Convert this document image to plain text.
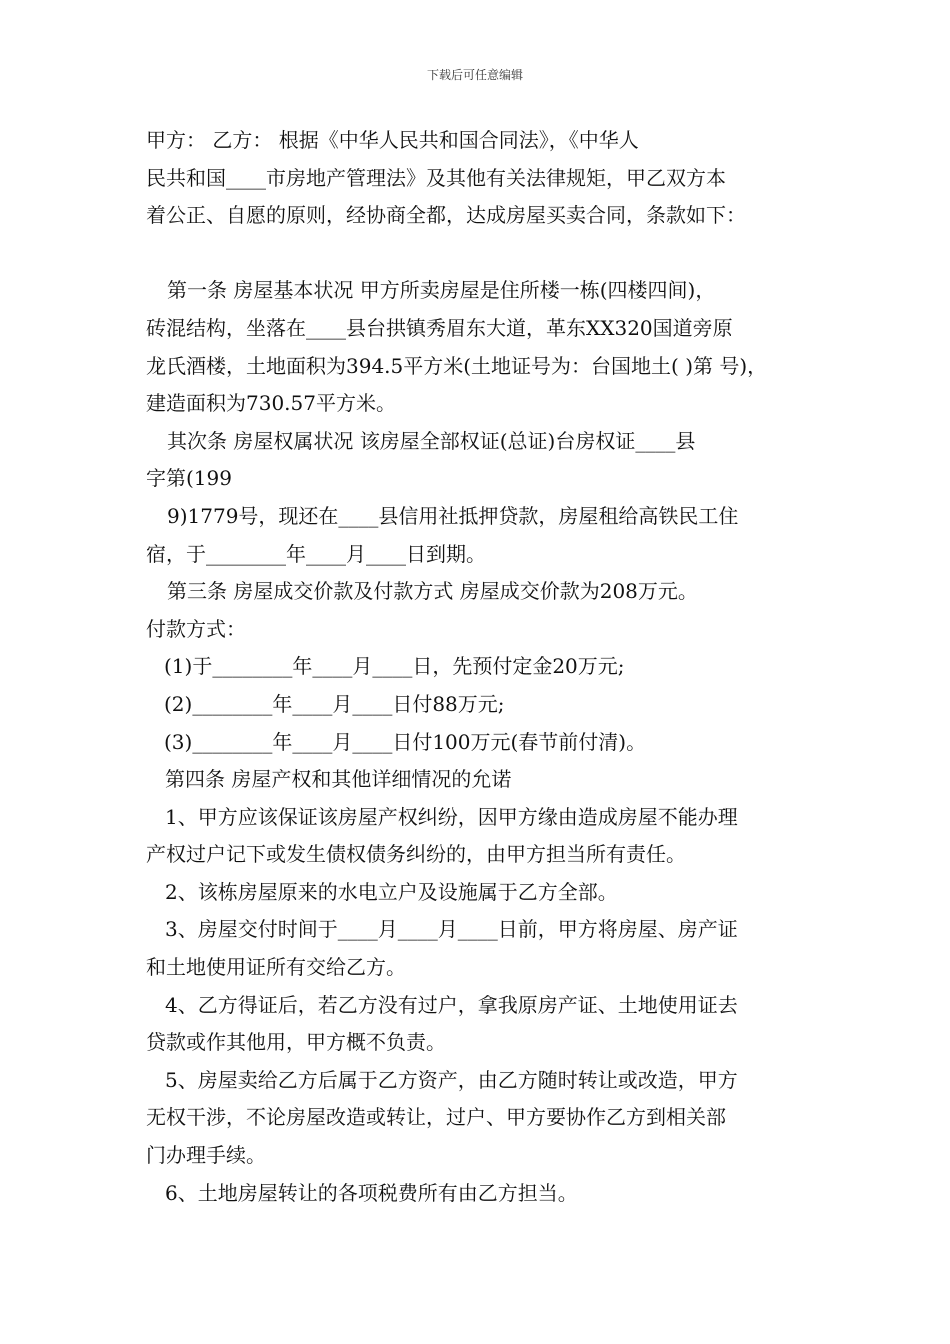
下载后可任意编辑
甲方： 乙方： 根据《中华人民共和国合同法》，《中华人
民共和国____市房地产管理法》及其他有关法律规矩，甲乙双方本
着公正、自愿的原则，经协商全都，达成房屋买卖合同，条款如下：
第一条 房屋基本状况 甲方所卖房屋是住所楼一栋(四楼四间)，
砖混结构，坐落在____县台拱镇秀眉东大道，革东XX320国道旁原
龙氏酒楼，土地面积为394.5平方米(土地证号为：台国地土( )第 号)，
建造面积为730.57平方米。
其次条 房屋权属状况 该房屋全部权证(总证)台房权证____县
字第(199
9)1779号，现还在____县信用社抵押贷款，房屋租给高铁民工住
宿，于________年____月____日到期。
第三条 房屋成交价款及付款方式 房屋成交价款为208万元。
付款方式：
(1)于________年____月____日，先预付定金20万元;
(2)________年____月____日付88万元;
(3)________年____月____日付100万元(春节前付清)。
第四条 房屋产权和其他详细情况的允诺
1、甲方应该保证该房屋产权纠纷，因甲方缘由造成房屋不能办理
产权过户记下或发生债权债务纠纷的，由甲方担当所有责任。
2、该栋房屋原来的水电立户及设施属于乙方全部。
3、房屋交付时间于____月____月____日前，甲方将房屋、房产证
和土地使用证所有交给乙方。
4、乙方得证后，若乙方没有过户，拿我原房产证、土地使用证去
贷款或作其他用，甲方概不负责。
5、房屋卖给乙方后属于乙方资产，由乙方随时转让或改造，甲方
无权干涉，不论房屋改造或转让，过户、甲方要协作乙方到相关部
门办理手续。
6、土地房屋转让的各项税费所有由乙方担当。
